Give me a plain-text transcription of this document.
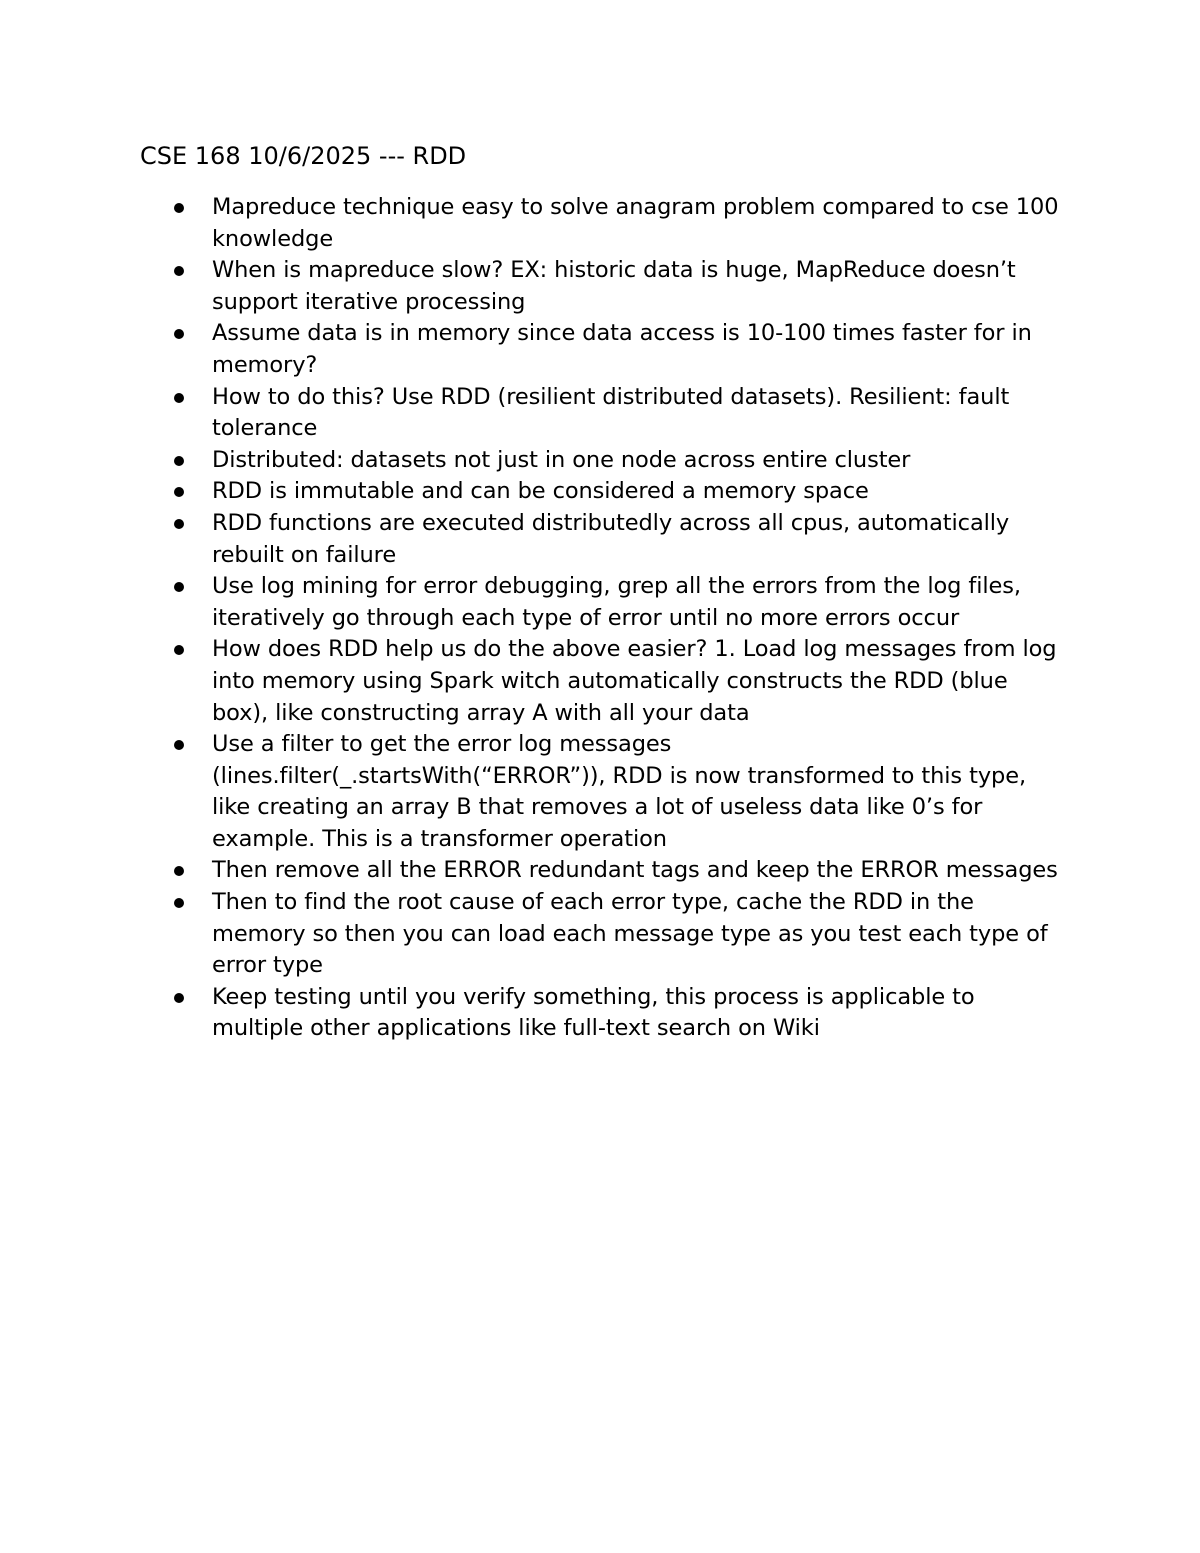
CSE 168 10/6/2025 --- RDD
Mapreduce technique easy to solve anagram problem compared to cse 100 knowledge
When is mapreduce slow? EX: historic data is huge, MapReduce doesn’t support iterative processing
Assume data is in memory since data access is 10-100 times faster for in memory?
How to do this? Use RDD (resilient distributed datasets). Resilient: fault tolerance
Distributed: datasets not just in one node across entire cluster
RDD is immutable and can be considered a memory space
RDD functions are executed distributedly across all cpus, automatically rebuilt on failure
Use log mining for error debugging, grep all the errors from the log files, iteratively go through each type of error until no more errors occur
How does RDD help us do the above easier? 1. Load log messages from log into memory using Spark witch automatically constructs the RDD (blue box), like constructing array A with all your data
Use a filter to get the error log messages (lines.filter(_.startsWith(“ERROR”)), RDD is now transformed to this type, like creating an array B that removes a lot of useless data like 0’s for example. This is a transformer operation
Then remove all the ERROR redundant tags and keep the ERROR messages
Then to find the root cause of each error type, cache the RDD in the memory so then you can load each message type as you test each type of error type
Keep testing until you verify something, this process is applicable to multiple other applications like full-text search on Wiki
